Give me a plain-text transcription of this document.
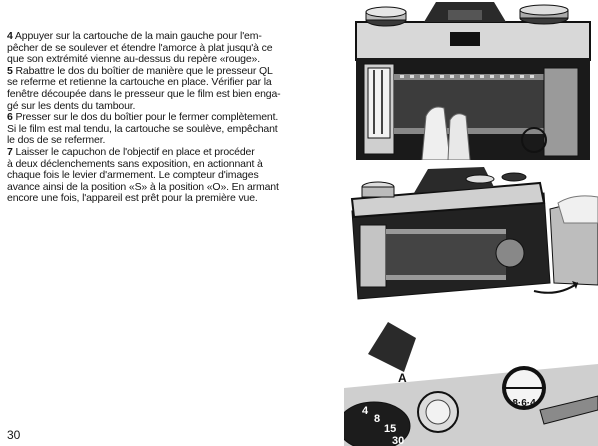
4 Appuyer sur la cartouche de la main gauche pour l'em-
pêcher de se soulever et étendre l'amorce à plat jusqu'à ce
que son extrémité vienne au-dessus du repère «rouge».

5 Rabattre le dos du boîtier de manière que le presseur QL
se referme et retienne la cartouche en place. Vérifier par la
fenêtre découpée dans le presseur que le film est bien enga-
gé sur les dents du tambour.

6 Presser sur le dos du boîtier pour le fermer complètement.
Si le film est mal tendu, la cartouche se soulève, empêchant
le dos de se refermer.

7 Laisser le capuchon de l'objectif en place et procéder
à deux déclenchements sans exposition, en actionnant à
chaque fois le levier d'armement. Le compteur d'images
avance ainsi de la position «S» à la position «O». En armant
encore une fois, l'appareil est prêt pour la première vue.

30
4
8
15
30
A
8·6·4
